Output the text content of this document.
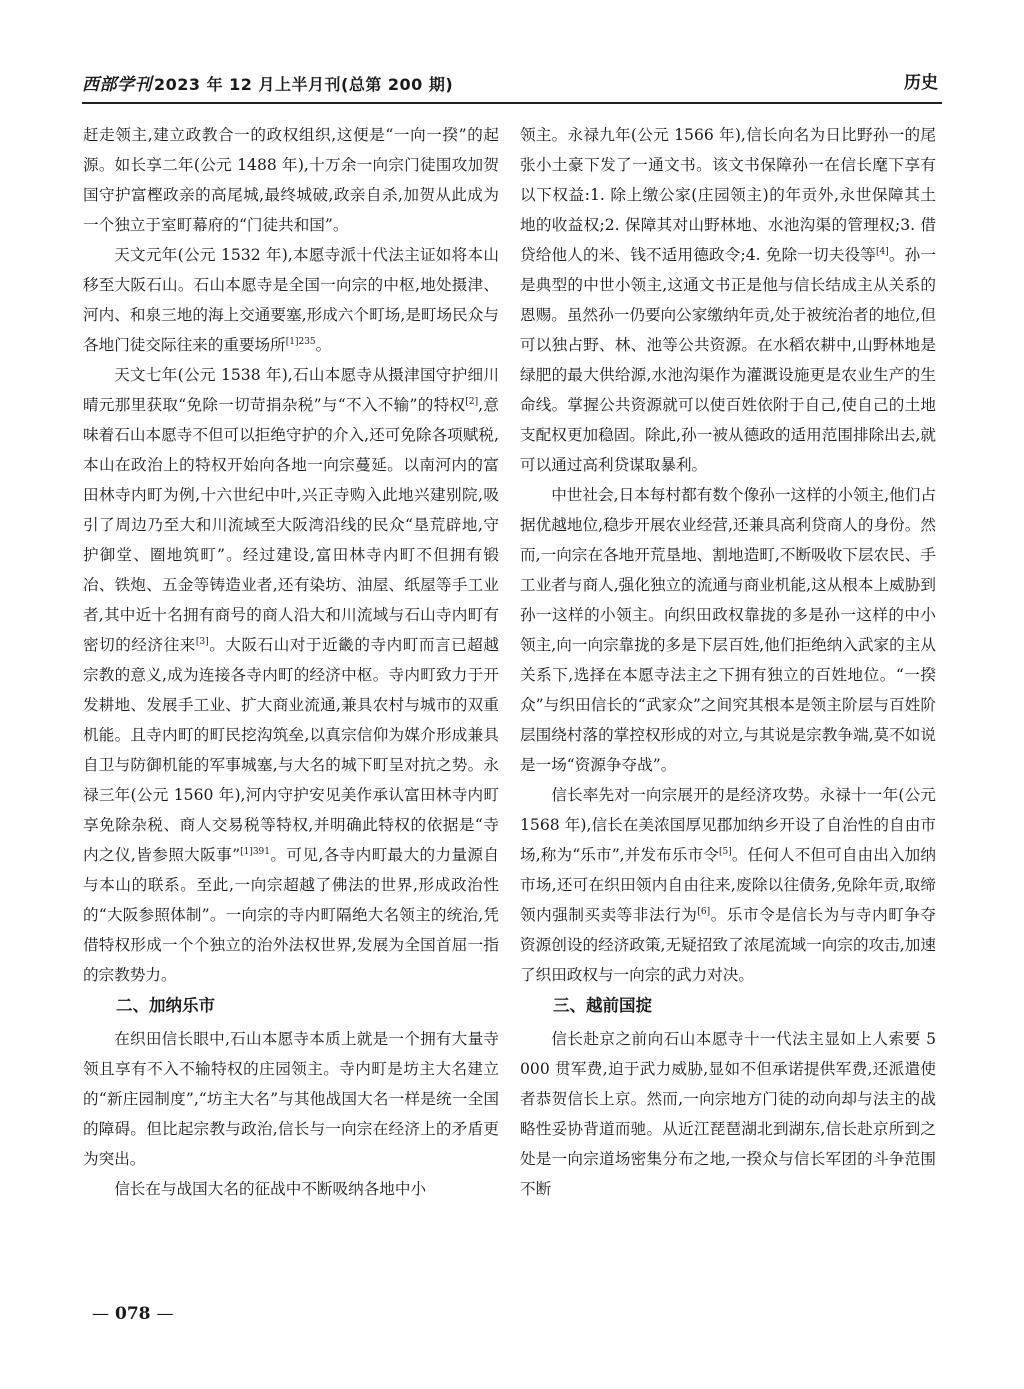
西部学刊 2023 年 12 月上半月刊(总第 200 期)	历史

赶走领主,建立政教合一的政权组织,这便是“一向一揆”的起源。如长享二年(公元 1488 年),十万余一向宗门徒围攻加贺国守护富樫政亲的高尾城,最终城破,政亲自杀,加贺从此成为一个独立于室町幕府的“门徒共和国”。

天文元年(公元 1532 年),本愿寺派十代法主证如将本山移至大阪石山。石山本愿寺是全国一向宗的中枢,地处摄津、河内、和泉三地的海上交通要塞,形成六个町场,是町场民众与各地门徒交际往来的重要场所$^{[1]235}$。

天文七年(公元 1538 年),石山本愿寺从摄津国守护细川晴元那里获取“免除一切苛捐杂税”与“不入不输”的特权[2],意味着石山本愿寺不但可以拒绝守护的介入,还可免除各项赋税,本山在政治上的特权开始向各地一向宗蔓延。以南河内的富田林寺内町为例,十六世纪中叶,兴正寺购入此地兴建别院,吸引了周边乃至大和川流域至大阪湾沿线的民众“垦荒辟地,守护御堂、圈地筑町”。经过建设,富田林寺内町不但拥有锻冶、铁炮、五金等铸造业者,还有染坊、油屋、纸屋等手工业者,其中近十名拥有商号的商人沿大和川流域与石山寺内町有密切的经济往来[3]。大阪石山对于近畿的寺内町而言已超越宗教的意义,成为连接各寺内町的经济中枢。寺内町致力于开发耕地、发展手工业、扩大商业流通,兼具农村与城市的双重机能。且寺内町的町民挖沟筑垒,以真宗信仰为媒介形成兼具自卫与防御机能的军事城塞,与大名的城下町呈对抗之势。永禄三年(公元 1560 年),河内守护安见美作承认富田林寺内町享免除杂税、商人交易税等特权,并明确此特权的依据是“寺内之仪,皆参照大阪事”$^{[1]391}$。可见,各寺内町最大的力量源自与本山的联系。至此,一向宗超越了佛法的世界,形成政治性的“大阪参照体制”。一向宗的寺内町隔绝大名领主的统治,凭借特权形成一个个独立的治外法权世界,发展为全国首屈一指的宗教势力。

二、加纳乐市

在织田信长眼中,石山本愿寺本质上就是一个拥有大量寺领且享有不入不输特权的庄园领主。寺内町是坊主大名建立的“新庄园制度”,“坊主大名”与其他战国大名一样是统一全国的障碍。但比起宗教与政治,信长与一向宗在经济上的矛盾更为突出。

信长在与战国大名的征战中不断吸纳各地中小

领主。永禄九年(公元 1566 年),信长向名为日比野孙一的尾张小土豪下发了一通文书。该文书保障孙一在信长麾下享有以下权益:1. 除上缴公家(庄园领主)的年贡外,永世保障其土地的收益权;2. 保障其对山野林地、水池沟渠的管理权;3. 借贷给他人的米、钱不适用德政令;4. 免除一切夫役等[4]。孙一是典型的中世小领主,这通文书正是他与信长结成主从关系的恩赐。虽然孙一仍要向公家缴纳年贡,处于被统治者的地位,但可以独占野、林、池等公共资源。在水稻农耕中,山野林地是绿肥的最大供给源,水池沟渠作为灌溉设施更是农业生产的生命线。掌握公共资源就可以使百姓依附于自己,使自己的土地支配权更加稳固。除此,孙一被从德政的适用范围排除出去,就可以通过高利贷谋取暴利。

中世社会,日本每村都有数个像孙一这样的小领主,他们占据优越地位,稳步开展农业经营,还兼具高利贷商人的身份。然而,一向宗在各地开荒垦地、割地造町,不断吸收下层农民、手工业者与商人,强化独立的流通与商业机能,这从根本上威胁到孙一这样的小领主。向织田政权靠拢的多是孙一这样的中小领主,向一向宗靠拢的多是下层百姓,他们拒绝纳入武家的主从关系下,选择在本愿寺法主之下拥有独立的百姓地位。“一揆众”与织田信长的“武家众”之间究其根本是领主阶层与百姓阶层围绕村落的掌控权形成的对立,与其说是宗教争端,莫不如说是一场“资源争夺战”。

信长率先对一向宗展开的是经济攻势。永禄十一年(公元 1568 年),信长在美浓国厚见郡加纳乡开设了自治性的自由市场,称为“乐市”,并发布乐市令[5]。任何人不但可自由出入加纳市场,还可在织田领内自由往来,废除以往债务,免除年贡,取缔领内强制买卖等非法行为[6]。乐市令是信长为与寺内町争夺资源创设的经济政策,无疑招致了浓尾流域一向宗的攻击,加速了织田政权与一向宗的武力对决。

三、越前国掟

信长赴京之前向石山本愿寺十一代法主显如上人索要 5 000 贯军费,迫于武力威胁,显如不但承诺提供军费,还派遣使者恭贺信长上京。然而,一向宗地方门徒的动向却与法主的战略性妥协背道而驰。从近江琵琶湖北到湖东,信长赴京所到之处是一向宗道场密集分布之地,一揆众与信长军团的斗争范围不断

— 078 —
